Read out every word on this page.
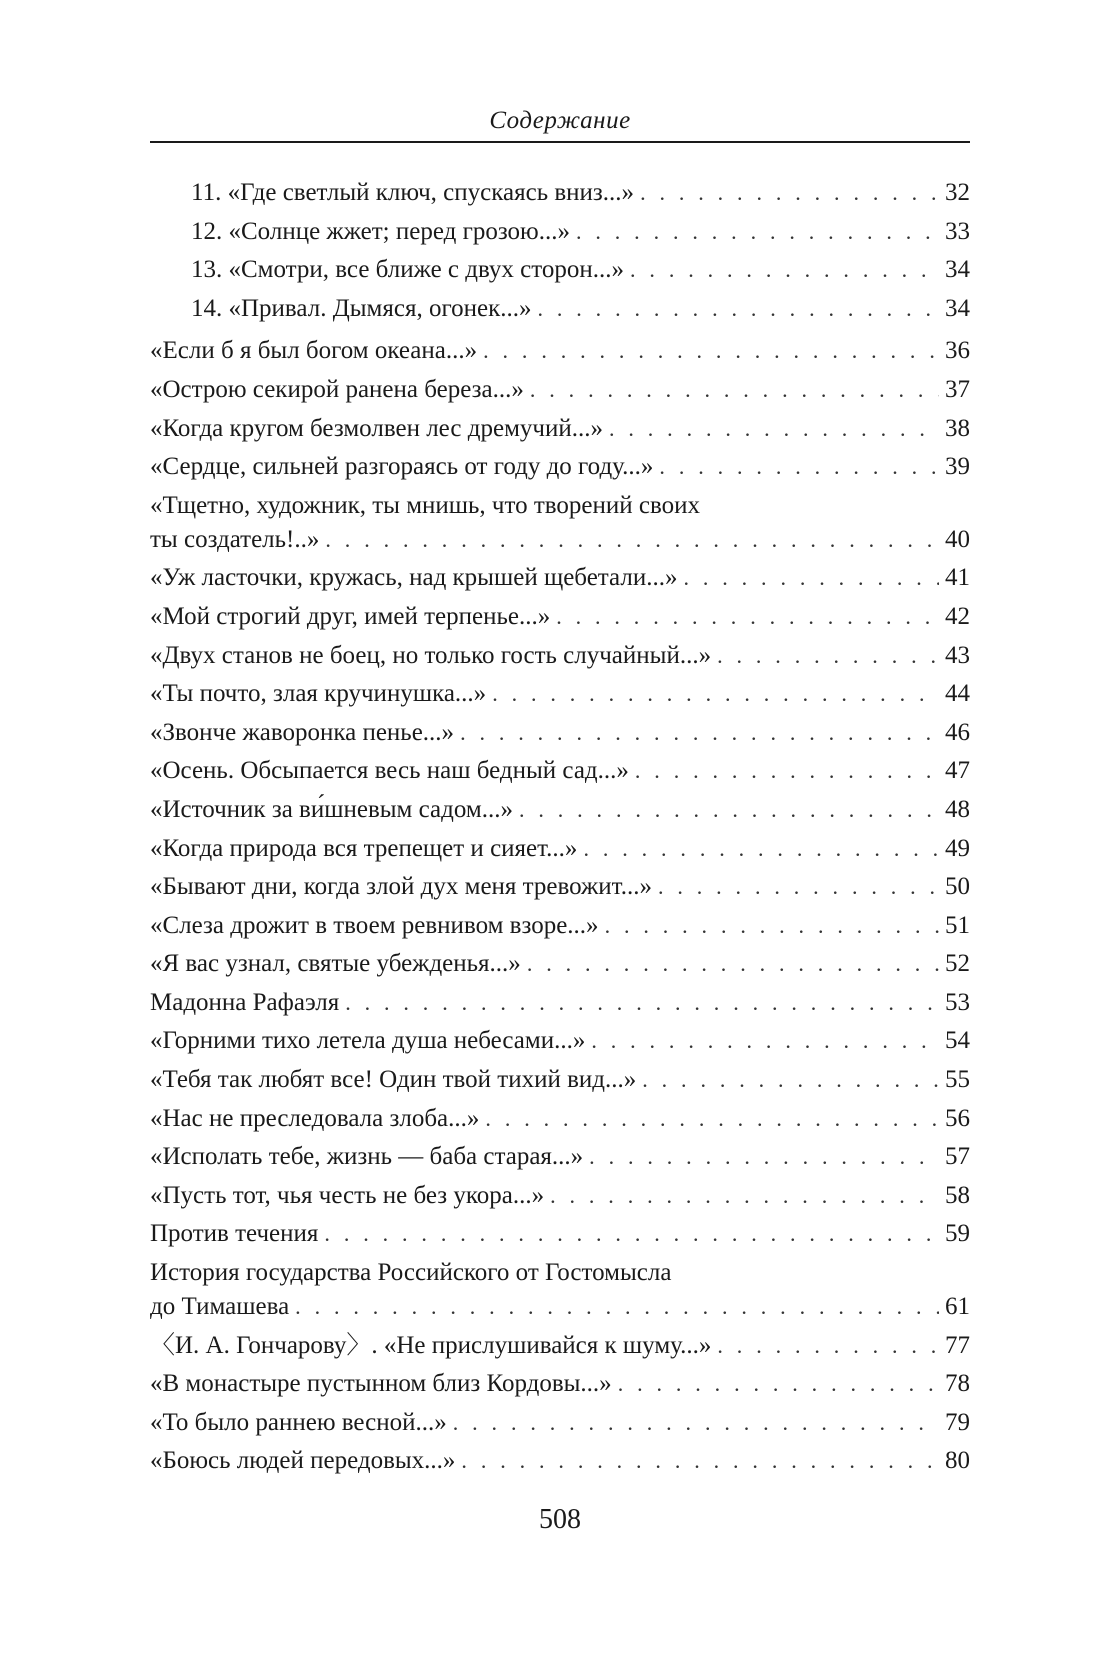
Содержание
11. «Где светлый ключ, спускаясь вниз...» . . .	32
12. «Солнце жжет; перед грозою...» . . .	33
13. «Смотри, все ближе с двух сторон...» . . .	34
14. «Привал. Дымяся, огонек...» . . .	34
«Если б я был богом океана...» . . .	36
«Острою секирой ранена береза...» . . .	37
«Когда кругом безмолвен лес дремучий...» . . .	38
«Сердце, сильней разгораясь от году до году...» . . .	39
«Тщетно, художник, ты мнишь, что творений своих
ты создатель!..» . . .	40
«Уж ласточки, кружась, над крышей щебетали...» . . .	41
«Мой строгий друг, имей терпенье...» . . .	42
«Двух станов не боец, но только гость случайный...» . . .	43
«Ты почто, злая кручинушка...» . . .	44
«Звонче жаворонка пенье...» . . .	46
«Осень. Обсыпается весь наш бедный сад...» . . .	47
«Источник за ви́шневым садом...» . . .	48
«Когда природа вся трепещет и сияет...» . . .	49
«Бывают дни, когда злой дух меня тревожит...» . . .	50
«Слеза дрожит в твоем ревнивом взоре...» . . .	51
«Я вас узнал, святые убежденья...» . . .	52
Мадонна Рафаэля . . .	53
«Горними тихо летела душа небесами...» . . .	54
«Тебя так любят все! Один твой тихий вид...» . . .	55
«Нас не преследовала злоба...» . . .	56
«Исполать тебе, жизнь — баба старая...» . . .	57
«Пусть тот, чья честь не без укора...» . . .	58
Против течения . . .	59
История государства Российского от Гостомысла
до Тимашева . . .	61
〈И. А. Гончарову〉. «Не прислушивайся к шуму...» . . .	77
«В монастыре пустынном близ Кордовы...» . . .	78
«То было раннею весной...» . . .	79
«Боюсь людей передовых...» . . .	80
508
